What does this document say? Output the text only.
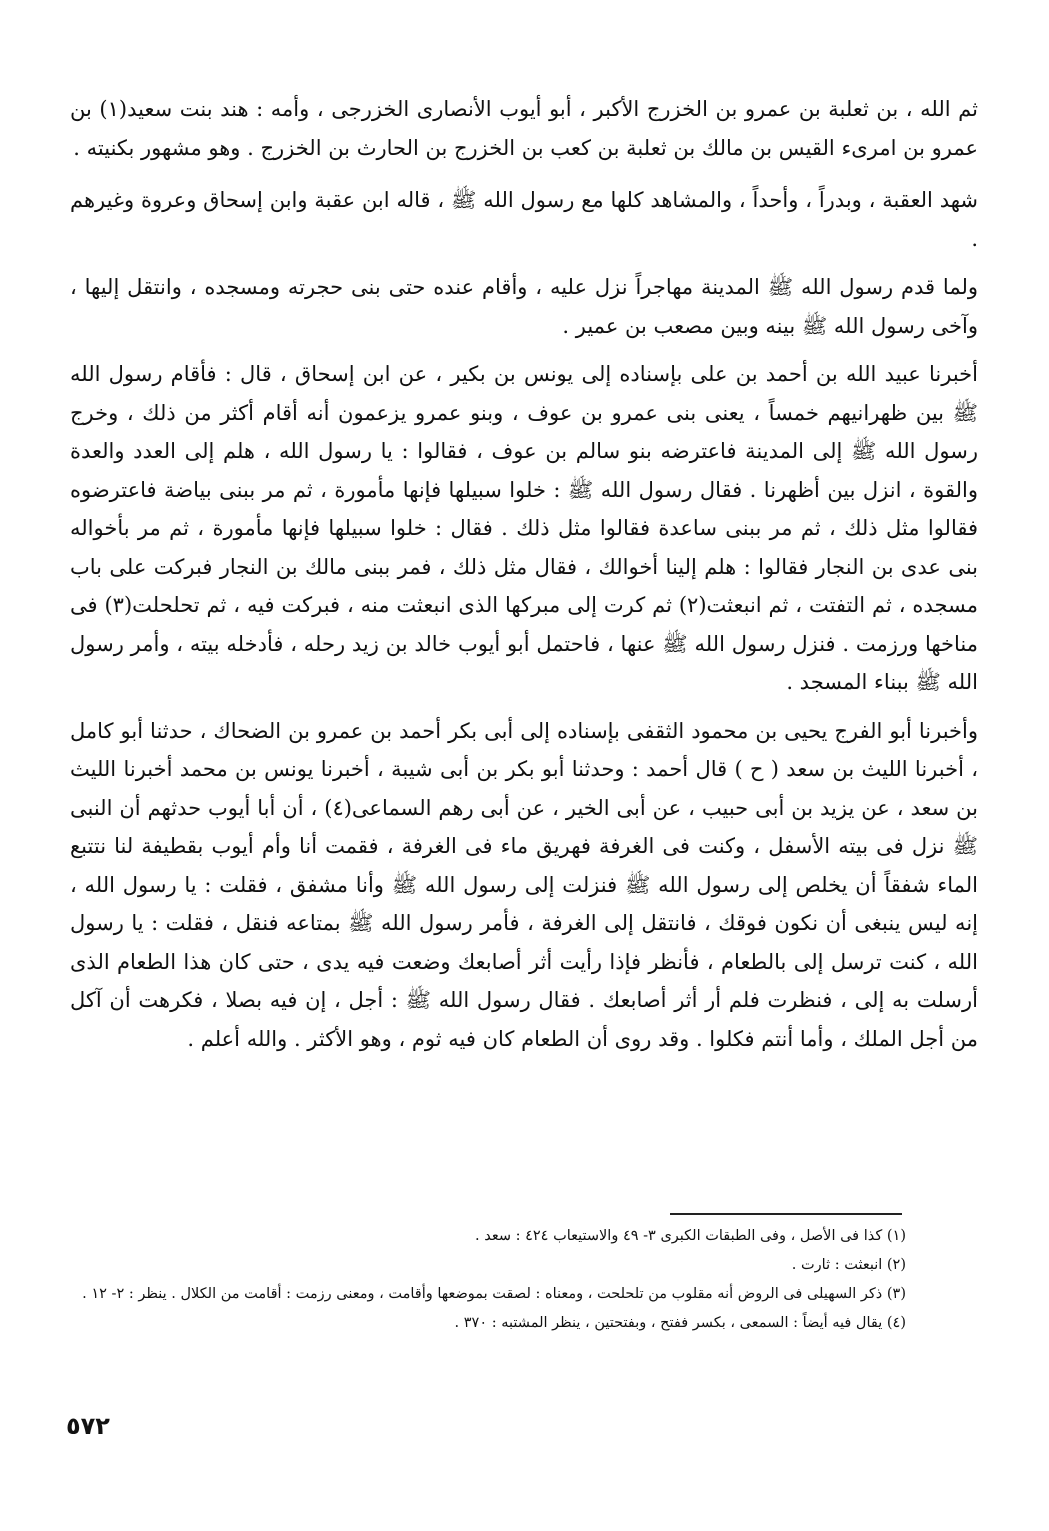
ثم الله ، بن ثعلبة بن عمرو بن الخزرج الأكبر ، أبو أيوب الأنصارى الخزرجى ، وأمه : هند بنت سعيد(١) بن عمرو بن امرىء القيس بن مالك بن ثعلبة بن كعب بن الخزرج بن الحارث بن الخزرج . وهو مشهور بكنيته .

شهد العقبة ، وبدراً ، وأحداً ، والمشاهد كلها مع رسول الله ﷺ ، قاله ابن عقبة وابن إسحاق وعروة وغيرهم .

ولما قدم رسول الله ﷺ المدينة مهاجراً نزل عليه ، وأقام عنده حتى بنى حجرته ومسجده ، وانتقل إليها ، وآخى رسول الله ﷺ بينه وبين مصعب بن عمير .

أخبرنا عبيد الله بن أحمد بن على بإسناده إلى يونس بن بكير ، عن ابن إسحاق ، قال : فأقام رسول الله ﷺ بين ظهرانيهم خمساً ، يعنى بنى عمرو بن عوف ، وبنو عمرو يزعمون أنه أقام أكثر من ذلك ، وخرج رسول الله ﷺ إلى المدينة فاعترضه بنو سالم بن عوف ، فقالوا : يا رسول الله ، هلم إلى العدد والعدة والقوة ، انزل بين أظهرنا . فقال رسول الله ﷺ : خلوا سبيلها فإنها مأمورة ، ثم مر ببنى بياضة فاعترضوه فقالوا مثل ذلك ، ثم مر ببنى ساعدة فقالوا مثل ذلك . فقال : خلوا سبيلها فإنها مأمورة ، ثم مر بأخواله بنى عدى بن النجار فقالوا : هلم إلينا أخوالك ، فقال مثل ذلك ، فمر ببنى مالك بن النجار فبركت على باب مسجده ، ثم التفتت ، ثم انبعثت(٢) ثم كرت إلى مبركها الذى انبعثت منه ، فبركت فيه ، ثم تحلحلت(٣) فى مناخها ورزمت . فنزل رسول الله ﷺ عنها ، فاحتمل أبو أيوب خالد بن زيد رحله ، فأدخله بيته ، وأمر رسول الله ﷺ ببناء المسجد .

وأخبرنا أبو الفرج يحيى بن محمود الثقفى بإسناده إلى أبى بكر أحمد بن عمرو بن الضحاك ، حدثنا أبو كامل ، أخبرنا الليث بن سعد ( ح ) قال أحمد : وحدثنا أبو بكر بن أبى شيبة ، أخبرنا يونس بن محمد أخبرنا الليث بن سعد ، عن يزيد بن أبى حبيب ، عن أبى الخير ، عن أبى رهم السماعى(٤) ، أن أبا أيوب حدثهم أن النبى ﷺ نزل فى بيته الأسفل ، وكنت فى الغرفة فهريق ماء فى الغرفة ، فقمت أنا وأم أيوب بقطيفة لنا نتتبع الماء شفقاً أن يخلص إلى رسول الله ﷺ فنزلت إلى رسول الله ﷺ وأنا مشفق ، فقلت : يا رسول الله ، إنه ليس ينبغى أن نكون فوقك ، فانتقل إلى الغرفة ، فأمر رسول الله ﷺ بمتاعه فنقل ، فقلت : يا رسول الله ، كنت ترسل إلى بالطعام ، فأنظر فإذا رأيت أثر أصابعك وضعت فيه يدى ، حتى كان هذا الطعام الذى أرسلت به إلى ، فنظرت فلم أر أثر أصابعك . فقال رسول الله ﷺ : أجل ، إن فيه بصلا ، فكرهت أن آكل من أجل الملك ، وأما أنتم فكلوا . وقد روى أن الطعام كان فيه ثوم ، وهو الأكثر . والله أعلم .

(١) كذا فى الأصل ، وفى الطبقات الكبرى ٣- ٤٩ والاستيعاب ٤٢٤ : سعد .

(٢) انبعثت : ثارت .

(٣) ذكر السهيلى فى الروض أنه مقلوب من تلحلحت ، ومعناه : لصقت بموضعها وأقامت ، ومعنى رزمت : أقامت من الكلال . ينظر : ٢- ١٢ .

(٤) يقال فيه أيضاً : السمعى ، بكسر ففتح ، وبفتحتين ، ينظر المشتبه : ٣٧٠ .

٥٧٢
